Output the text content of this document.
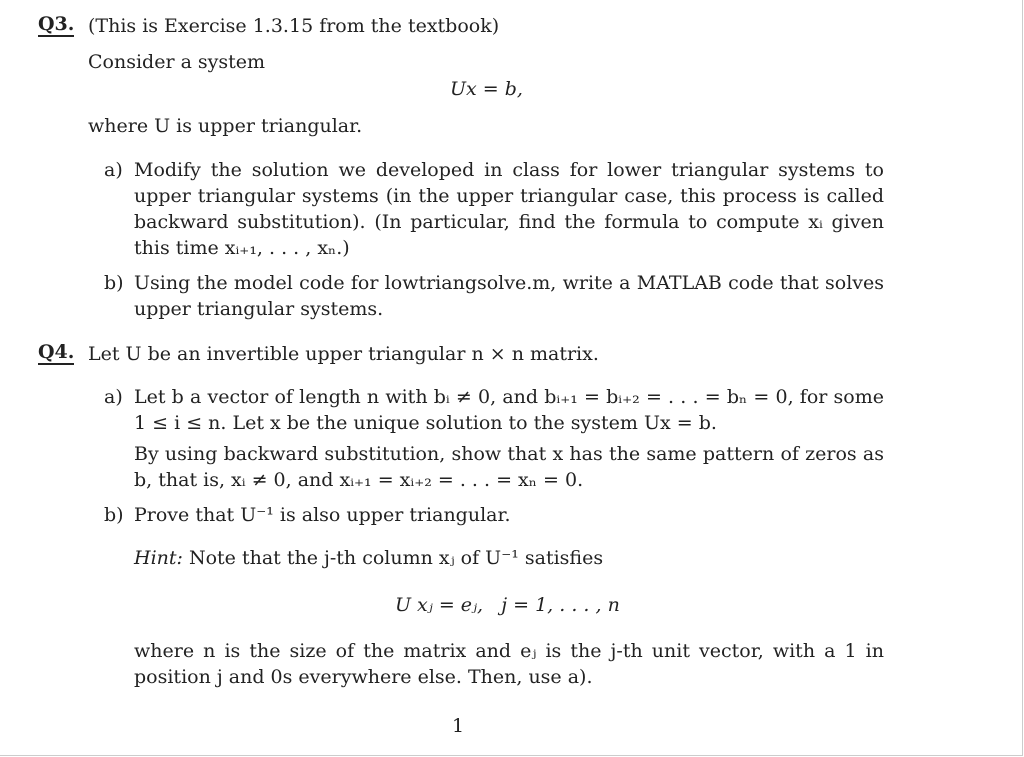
Q3. (This is Exercise 1.3.15 from the textbook)
Consider a system
Ux = b,
where U is upper triangular.
a) Modify the solution we developed in class for lower triangular systems to upper triangular systems (in the upper triangular case, this process is called backward substitution). (In particular, find the formula to compute xᵢ given this time xᵢ₊₁, . . . , xₙ.)
b) Using the model code for lowtriangsolve.m, write a MATLAB code that solves upper triangular systems.
Q4. Let U be an invertible upper triangular n × n matrix.
a) Let b a vector of length n with bᵢ ≠ 0, and bᵢ₊₁ = bᵢ₊₂ = . . . = bₙ = 0, for some 1 ≤ i ≤ n. Let x be the unique solution to the system Ux = b.
By using backward substitution, show that x has the same pattern of zeros as b, that is, xᵢ ≠ 0, and xᵢ₊₁ = xᵢ₊₂ = . . . = xₙ = 0.
b) Prove that U⁻¹ is also upper triangular.
Hint: Note that the j-th column xⱼ of U⁻¹ satisfies
U xⱼ = eⱼ,   j = 1, . . . , n
where n is the size of the matrix and eⱼ is the j-th unit vector, with a 1 in position j and 0s everywhere else. Then, use a).
1
